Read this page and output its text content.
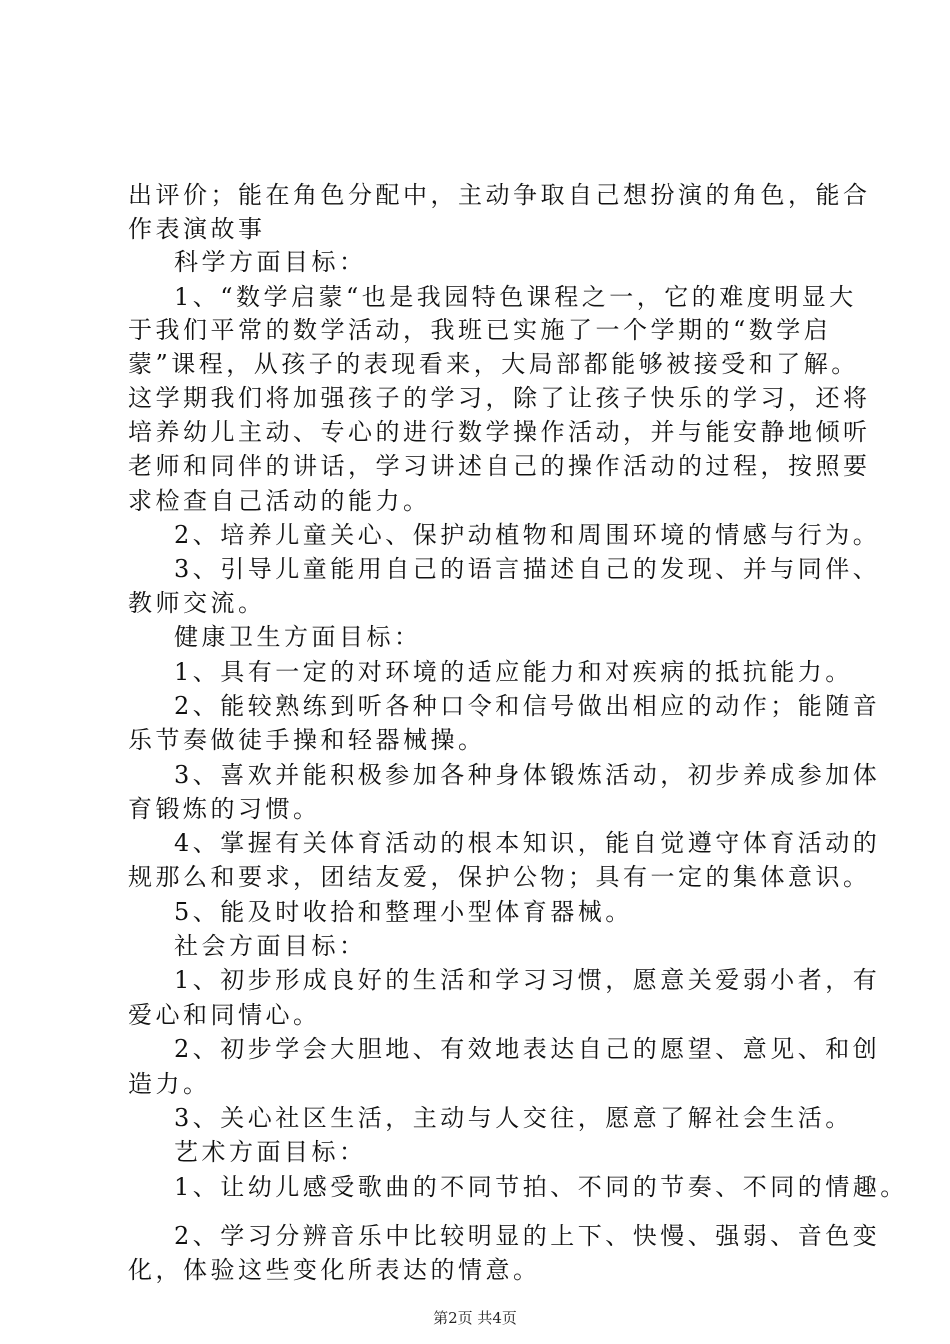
出评价；能在角色分配中，主动争取自己想扮演的角色，能合
作表演故事
科学方面目标：
1、“数学启蒙“也是我园特色课程之一，它的难度明显大
于我们平常的数学活动，我班已实施了一个学期的“数学启
蒙”课程，从孩子的表现看来，大局部都能够被接受和了解。
这学期我们将加强孩子的学习，除了让孩子快乐的学习，还将
培养幼儿主动、专心的进行数学操作活动，并与能安静地倾听
老师和同伴的讲话，学习讲述自己的操作活动的过程，按照要
求检查自己活动的能力。
2、培养儿童关心、保护动植物和周围环境的情感与行为。
3、引导儿童能用自己的语言描述自己的发现、并与同伴、
教师交流。
健康卫生方面目标：
1、具有一定的对环境的适应能力和对疾病的抵抗能力。
2、能较熟练到听各种口令和信号做出相应的动作；能随音
乐节奏做徒手操和轻器械操。
3、喜欢并能积极参加各种身体锻炼活动，初步养成参加体
育锻炼的习惯。
4、掌握有关体育活动的根本知识，能自觉遵守体育活动的
规那么和要求，团结友爱，保护公物；具有一定的集体意识。
5、能及时收拾和整理小型体育器械。
社会方面目标：
1、初步形成良好的生活和学习习惯，愿意关爱弱小者，有
爱心和同情心。
2、初步学会大胆地、有效地表达自己的愿望、意见、和创
造力。
3、关心社区生活，主动与人交往，愿意了解社会生活。
艺术方面目标：
1、让幼儿感受歌曲的不同节拍、不同的节奏、不同的情趣。
2、学习分辨音乐中比较明显的上下、快慢、强弱、音色变
化，体验这些变化所表达的情意。
第2页 共4页
